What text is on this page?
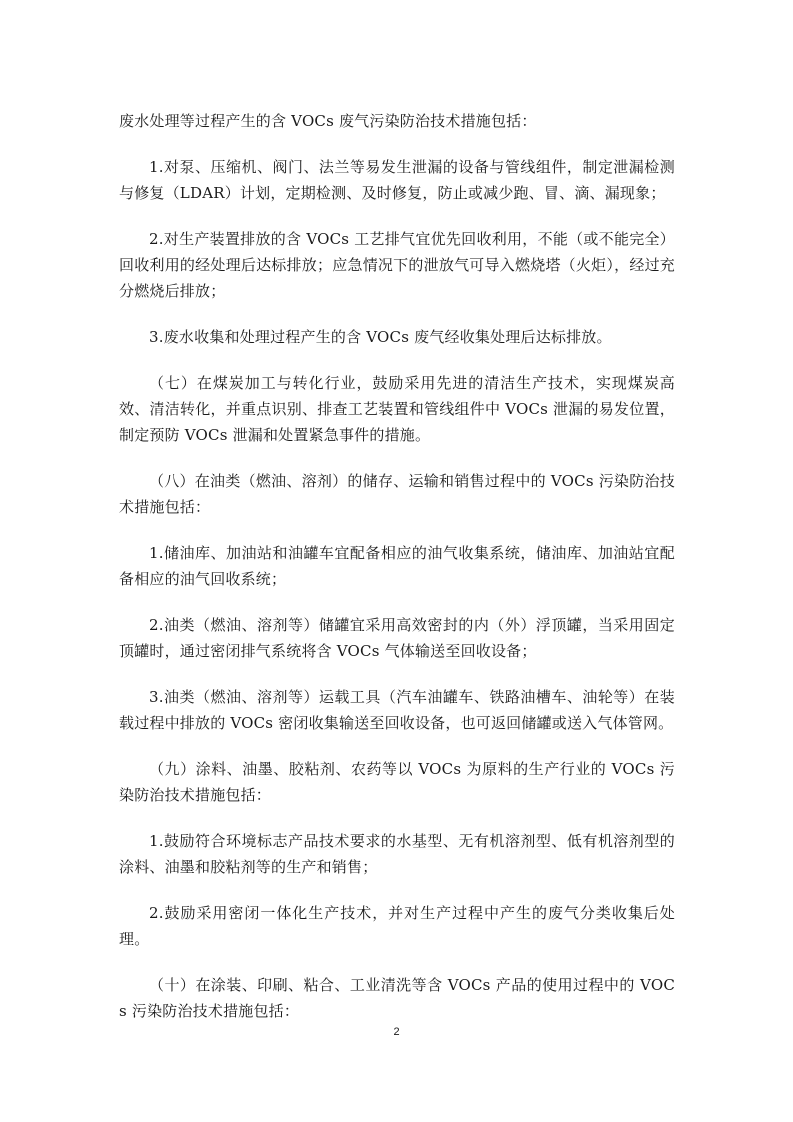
废水处理等过程产生的含 VOCs 废气污染防治技术措施包括：

1.对泵、压缩机、阀门、法兰等易发生泄漏的设备与管线组件，制定泄漏检测与修复（LDAR）计划，定期检测、及时修复，防止或减少跑、冒、滴、漏现象；

2.对生产装置排放的含 VOCs 工艺排气宜优先回收利用，不能（或不能完全）回收利用的经处理后达标排放；应急情况下的泄放气可导入燃烧塔（火炬），经过充分燃烧后排放；

3.废水收集和处理过程产生的含 VOCs 废气经收集处理后达标排放。

（七）在煤炭加工与转化行业，鼓励采用先进的清洁生产技术，实现煤炭高效、清洁转化，并重点识别、排查工艺装置和管线组件中 VOCs 泄漏的易发位置，制定预防 VOCs 泄漏和处置紧急事件的措施。

（八）在油类（燃油、溶剂）的储存、运输和销售过程中的 VOCs 污染防治技术措施包括：

1.储油库、加油站和油罐车宜配备相应的油气收集系统，储油库、加油站宜配备相应的油气回收系统；

2.油类（燃油、溶剂等）储罐宜采用高效密封的内（外）浮顶罐，当采用固定顶罐时，通过密闭排气系统将含 VOCs 气体输送至回收设备；

3.油类（燃油、溶剂等）运载工具（汽车油罐车、铁路油槽车、油轮等）在装载过程中排放的 VOCs 密闭收集输送至回收设备，也可返回储罐或送入气体管网。

（九）涂料、油墨、胶粘剂、农药等以 VOCs 为原料的生产行业的 VOCs 污染防治技术措施包括：

1.鼓励符合环境标志产品技术要求的水基型、无有机溶剂型、低有机溶剂型的涂料、油墨和胶粘剂等的生产和销售；

2.鼓励采用密闭一体化生产技术，并对生产过程中产生的废气分类收集后处理。

（十）在涂装、印刷、粘合、工业清洗等含 VOCs 产品的使用过程中的 VOCs 污染防治技术措施包括：

2
